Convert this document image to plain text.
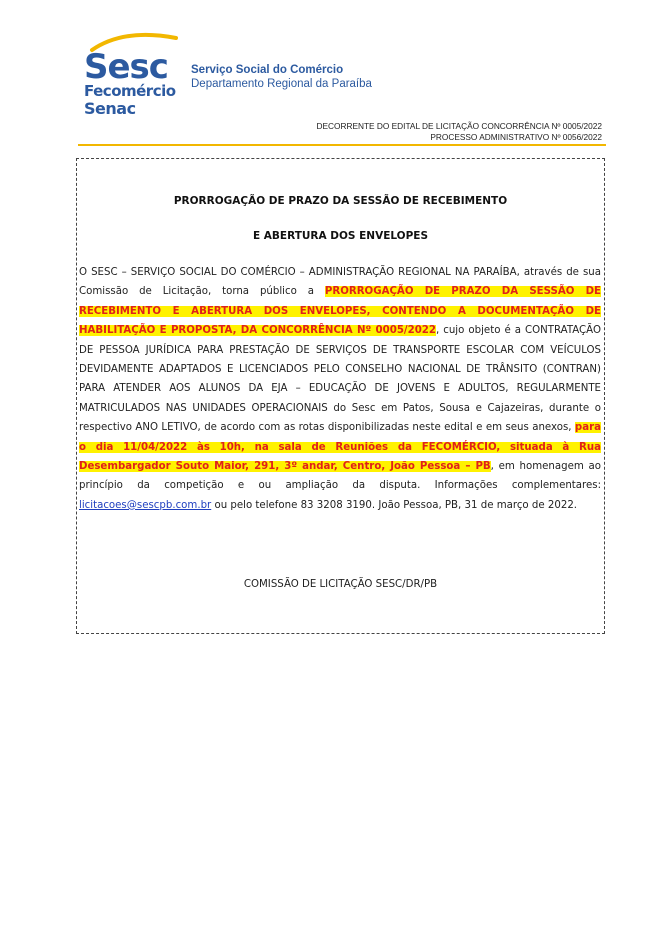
Sesc
Fecomércio
Senac
Serviço Social do Comércio
Departamento Regional da Paraíba
DECORRENTE DO EDITAL DE LICITAÇÃO CONCORRÊNCIA Nº 0005/2022
PROCESSO ADMINISTRATIVO Nº 0056/2022
PRORROGAÇÃO DE PRAZO DA SESSÃO DE RECEBIMENTO
E ABERTURA DOS ENVELOPES
O SESC – SERVIÇO SOCIAL DO COMÉRCIO – ADMINISTRAÇÃO REGIONAL NA PARAÍBA, através de sua Comissão de Licitação, torna público a PRORROGAÇÃO DE PRAZO DA SESSÃO DE RECEBIMENTO E ABERTURA DOS ENVELOPES, CONTENDO A DOCUMENTAÇÃO DE HABILITAÇÃO E PROPOSTA, DA CONCORRÊNCIA Nº 0005/2022, cujo objeto é a CONTRATAÇÃO DE PESSOA JURÍDICA PARA PRESTAÇÃO DE SERVIÇOS DE TRANSPORTE ESCOLAR COM VEÍCULOS DEVIDAMENTE ADAPTADOS E LICENCIADOS PELO CONSELHO NACIONAL DE TRÂNSITO (CONTRAN) PARA ATENDER AOS ALUNOS DA EJA – EDUCAÇÃO DE JOVENS E ADULTOS, REGULARMENTE MATRICULADOS NAS UNIDADES OPERACIONAIS do Sesc em Patos, Sousa e Cajazeiras, durante o respectivo ANO LETIVO, de acordo com as rotas disponibilizadas neste edital e em seus anexos, para o dia 11/04/2022 às 10h, na sala de Reuniões da FECOMÉRCIO, situada à Rua Desembargador Souto Maior, 291, 3º andar, Centro, João Pessoa – PB, em homenagem ao princípio da competição e ou ampliação da disputa. Informações complementares: licitacoes@sescpb.com.br ou pelo telefone 83 3208 3190. João Pessoa, PB, 31 de março de 2022.
COMISSÃO DE LICITAÇÃO SESC/DR/PB
